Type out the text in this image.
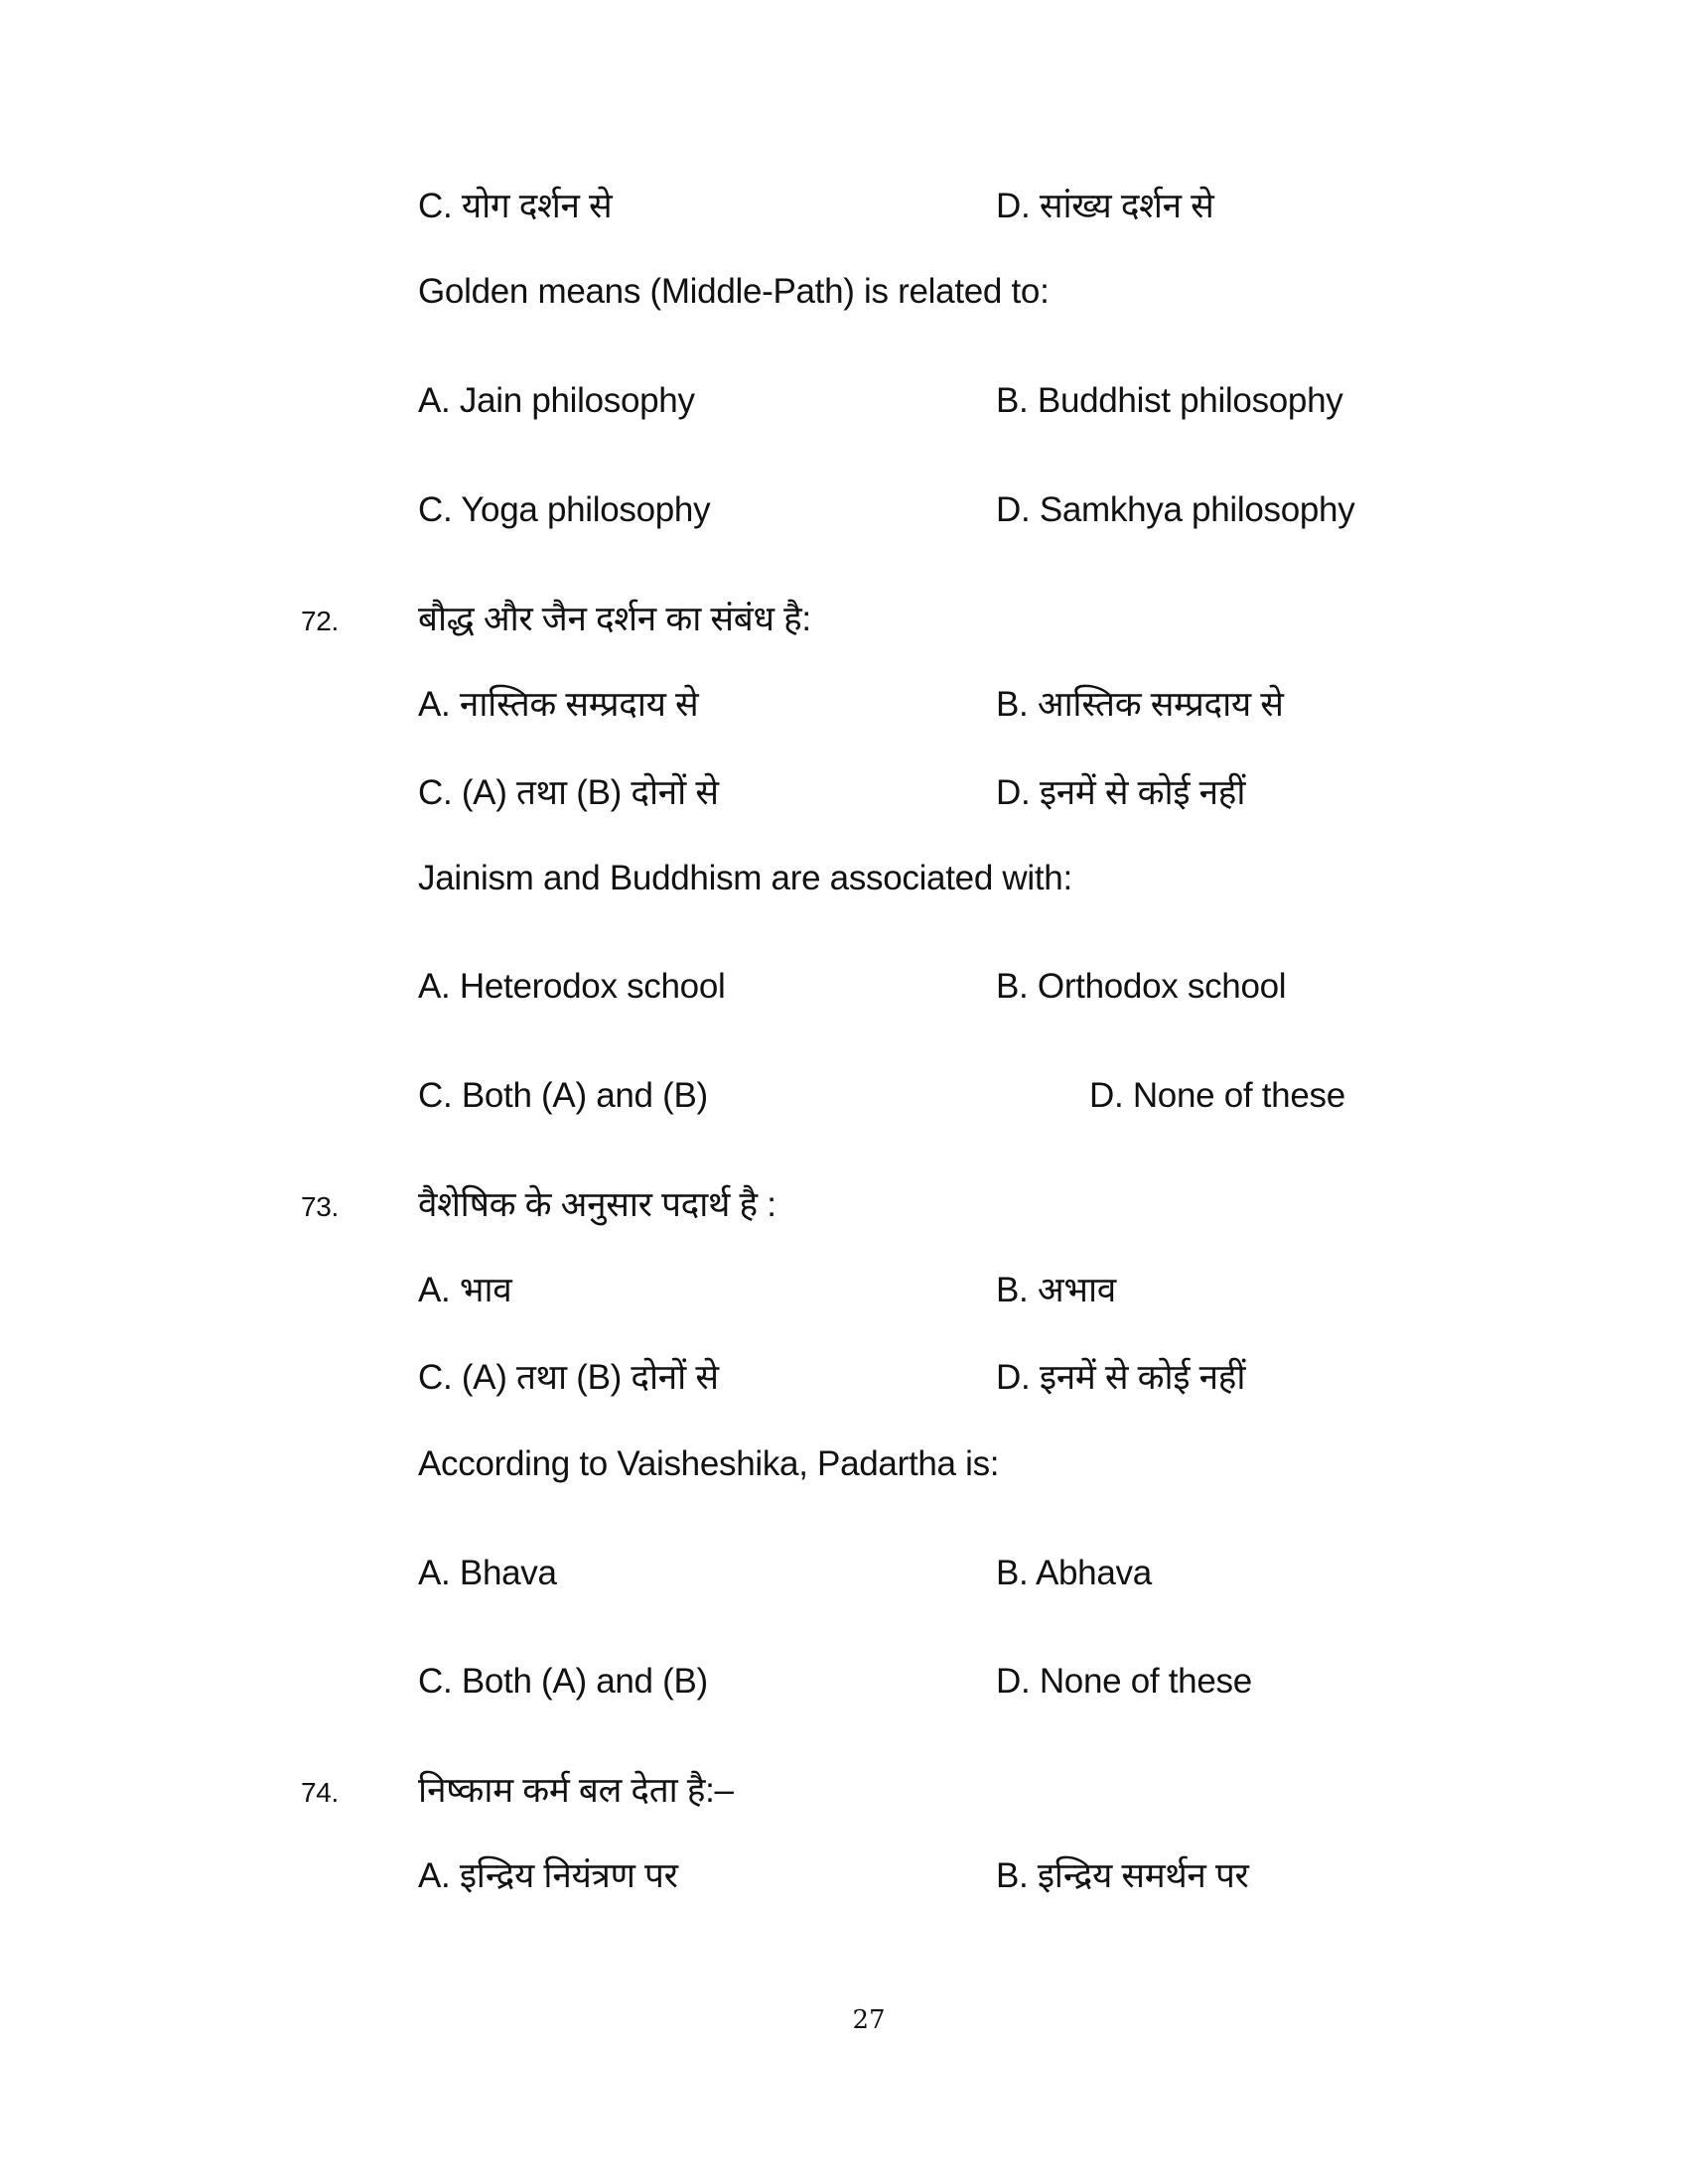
C. योग दर्शन से	D. सांख्य दर्शन से
Golden means (Middle-Path) is related to:
A. Jain philosophy	B. Buddhist philosophy
C. Yoga philosophy	D. Samkhya philosophy
72. बौद्ध और जैन दर्शन का संबंध है:
A. नास्तिक सम्प्रदाय से	B. आस्तिक सम्प्रदाय से
C. (A) तथा (B) दोनों से	D. इनमें से कोई नहीं
Jainism and Buddhism are associated with:
A. Heterodox school	B. Orthodox school
C. Both (A) and (B)	D. None of these
73. वैशेषिक के अनुसार पदार्थ है :
A. भाव	B. अभाव
C. (A) तथा (B) दोनों से	D. इनमें से कोई नहीं
According to Vaisheshika, Padartha is:
A. Bhava	B. Abhava
C. Both (A) and (B)	D. None of these
74. निष्काम कर्म बल देता है:–
A. इन्द्रिय नियंत्रण पर	B. इन्द्रिय समर्थन पर
27
